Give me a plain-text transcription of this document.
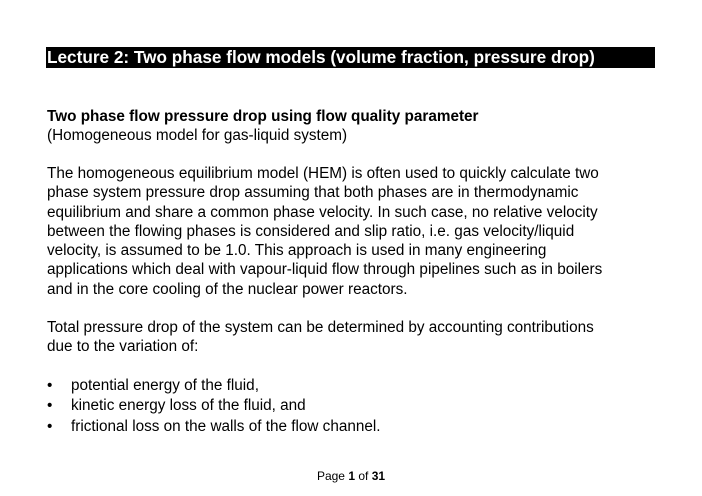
Lecture 2: Two phase flow models (volume fraction, pressure drop)
Two phase flow pressure drop using flow quality parameter
(Homogeneous model for gas-liquid system)
The homogeneous equilibrium model (HEM) is often used to quickly calculate two
phase system pressure drop assuming that both phases are in thermodynamic
equilibrium and share a common phase velocity. In such case, no relative velocity
between the flowing phases is considered and slip ratio, i.e. gas velocity/liquid
velocity, is assumed to be 1.0. This approach is used in many engineering
applications which deal with vapour-liquid flow through pipelines such as in boilers
and in the core cooling of the nuclear power reactors.
Total pressure drop of the system can be determined by accounting contributions
due to the variation of:
• potential energy of the fluid,
• kinetic energy loss of the fluid, and
• frictional loss on the walls of the flow channel.
Page 1 of 31
